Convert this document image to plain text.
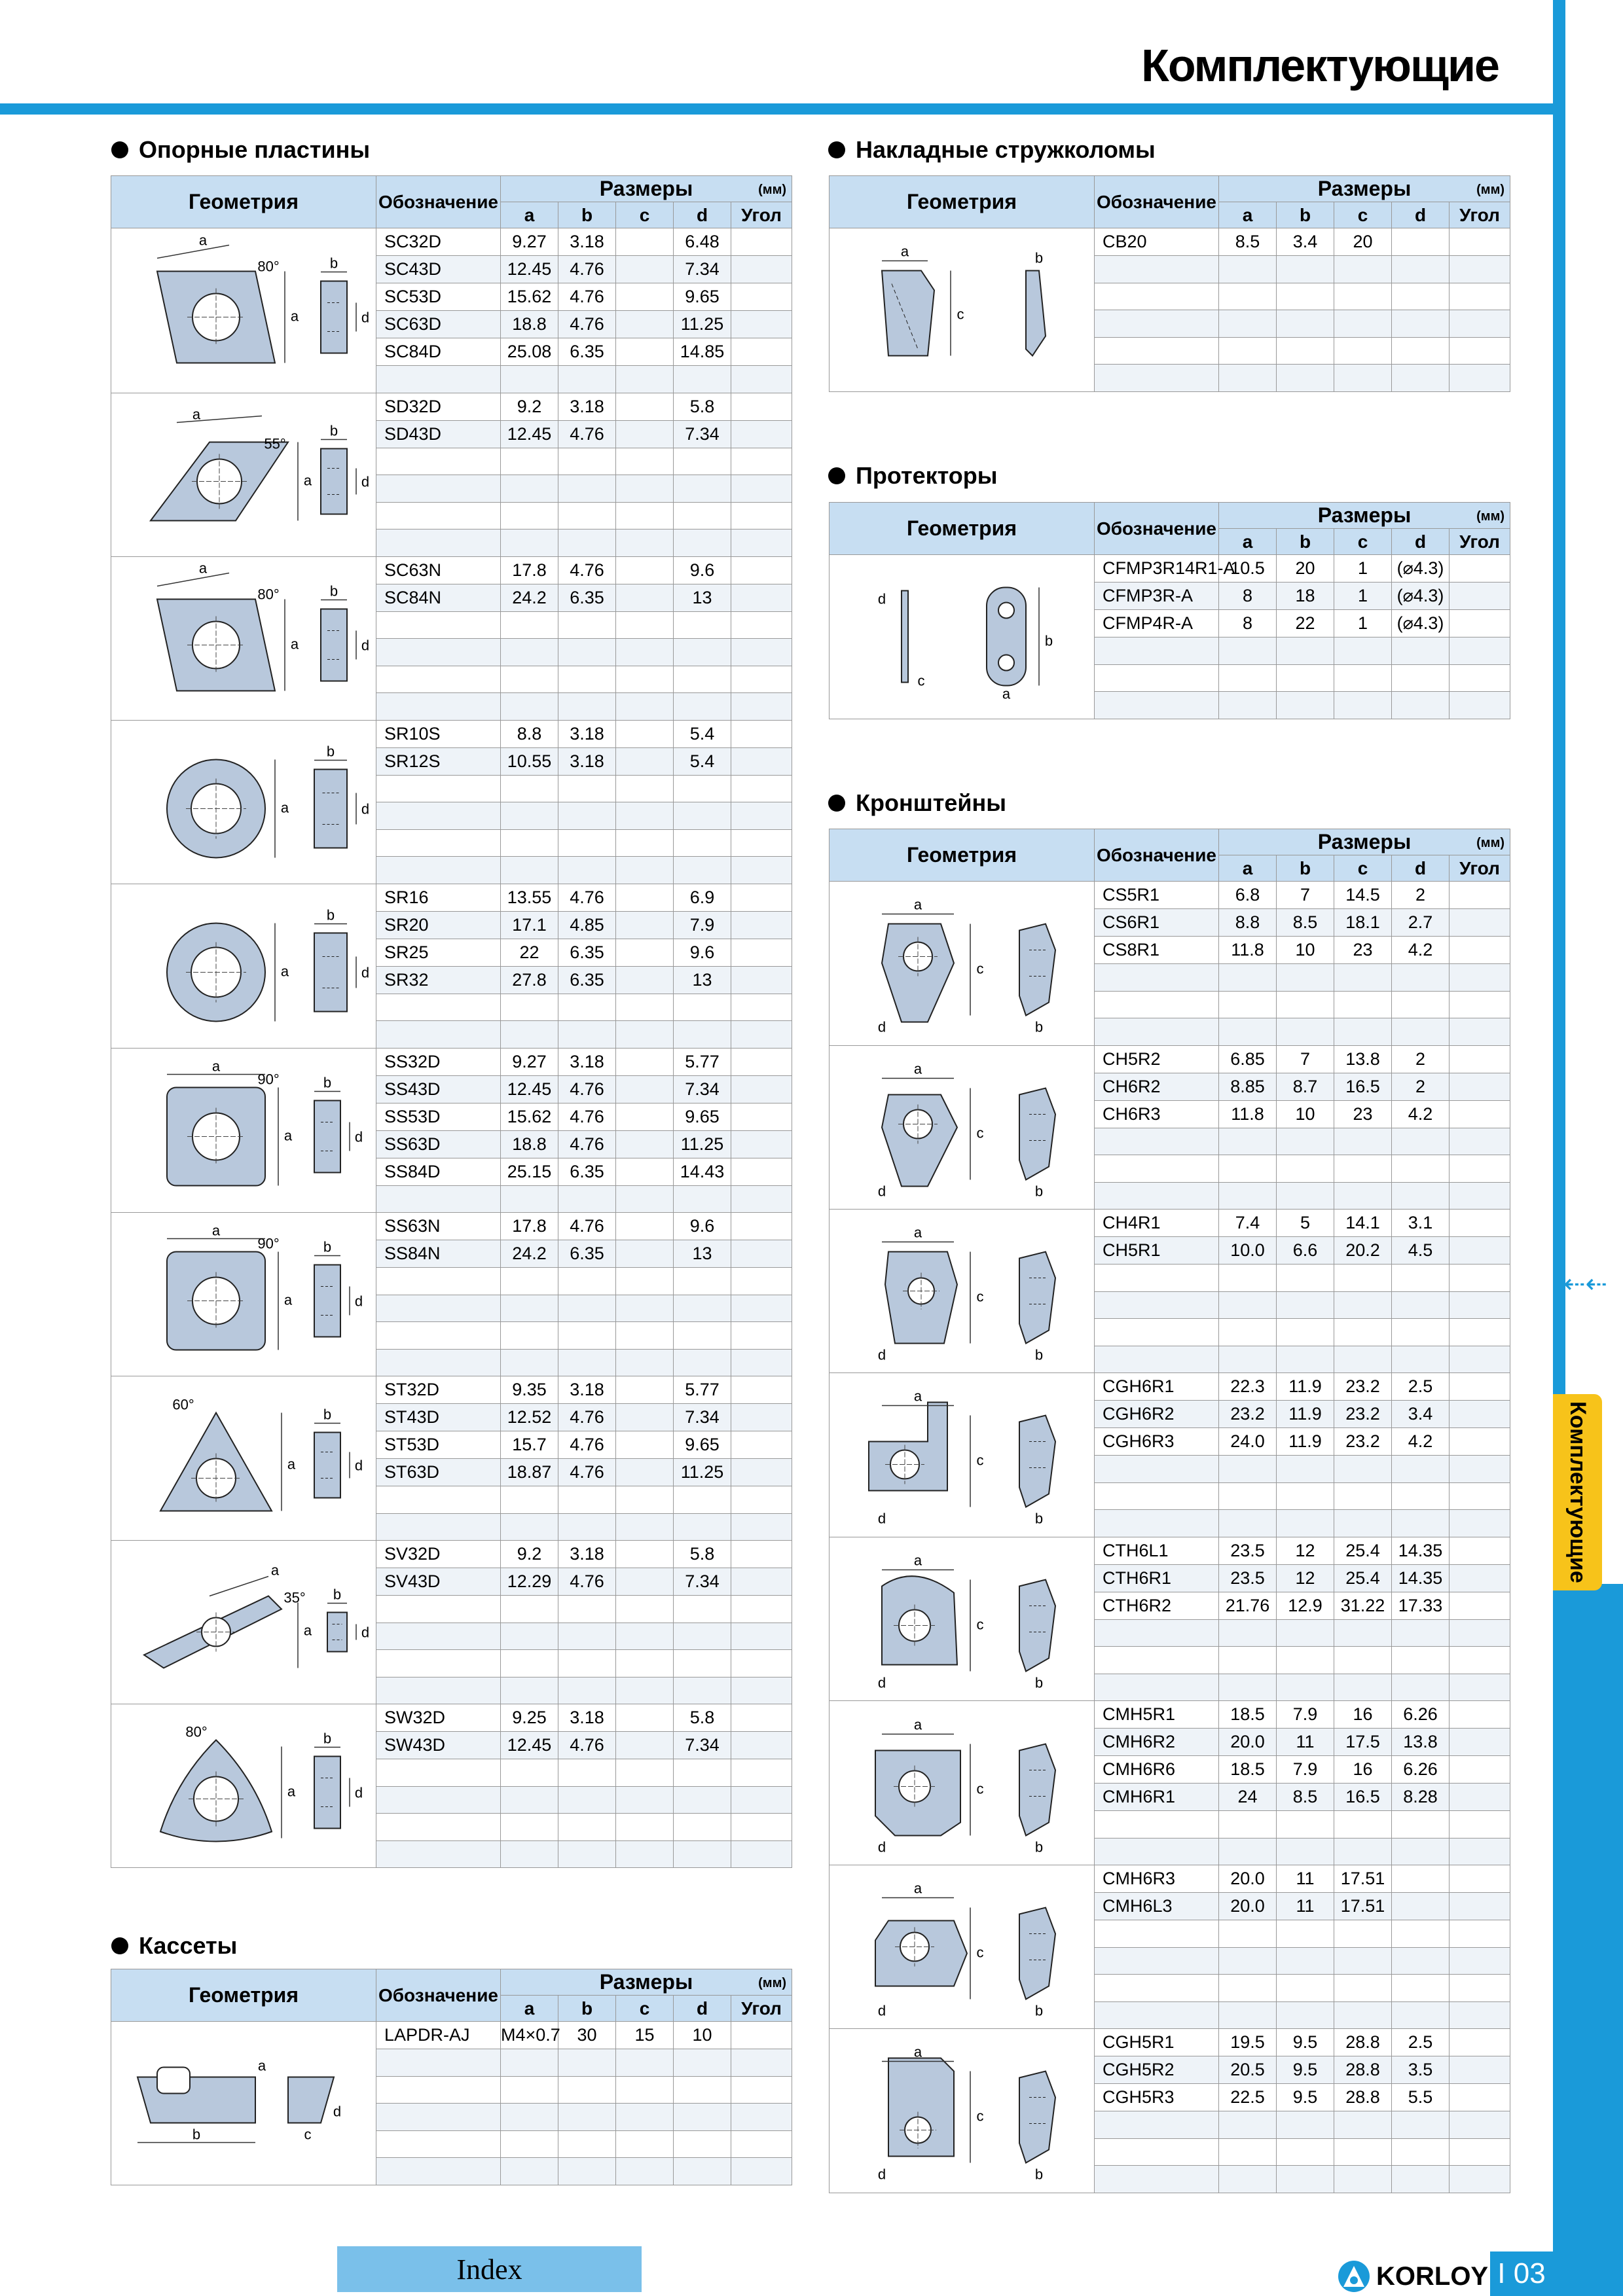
Комплектующие
⇠⇠
Комплектующие
Опорные пластины	Накладные стружколомы
Протекторы
Кронштейны
Кассеты
Геометрия	Обозначение	Размеры (мм)				

		a	b	c	d	Угол

a
80°
a
b
d	SC32D	9.27	3.18		6.48	
	SC43D	12.45	4.76		7.34	
	SC53D	15.62	4.76		9.65	
	SC63D	18.8	4.76		11.25	
	SC84D	25.08	6.35		14.85	

a
55°
a
b
d	SD32D	9.2	3.18		5.8	
	SD43D	12.45	4.76		7.34	

a
80°
a
b
d	SC63N	17.8	4.76		9.6	
	SC84N	24.2	6.35		13	

a
b
d	SR10S	8.8	3.18		5.4	
	SR12S	10.55	3.18		5.4	

a
b
d	SR16	13.55	4.76		6.9	
	SR20	17.1	4.85		7.9	
	SR25	22	6.35		9.6	
	SR32	27.8	6.35		13	

a
90°
a
b
d	SS32D	9.27	3.18		5.77	
	SS43D	12.45	4.76		7.34	
	SS53D	15.62	4.76		9.65	
	SS63D	18.8	4.76		11.25	
	SS84D	25.15	6.35		14.43	

a
90°
a
b
d	SS63N	17.8	4.76		9.6	
	SS84N	24.2	6.35		13	

60°
a
b
d	ST32D	9.35	3.18		5.77	
	ST43D	12.52	4.76		7.34	
	ST53D	15.7	4.76		9.65	
	ST63D	18.87	4.76		11.25	

a
35°
a
b
d	SV32D	9.2	3.18		5.8	
	SV43D	12.29	4.76		7.34	

80°
a
b
d	SW32D	9.25	3.18		5.8	
	SW43D	12.45	4.76		7.34	

Геометрия	Обозначение	Размеры (мм)				

		a	b	c	d	Угол

a
b c
d	LAPDR-AJ	M4×0.7	30	15	10	

Геометрия	Обозначение	Размеры (мм)				

		a	b	c	d	Угол

a
c
b	CB20	8.5	3.4	20		

Геометрия	Обозначение	Размеры (мм)				

		a	b	c	d	Угол

d
c
b
a	CFMP3R14R1-A	10.5	20	1	(⌀4.3)	
	CFMP3R-A	8	18	1	(⌀4.3)	
	CFMP4R-A	8	22	1	(⌀4.3)	

Геометрия	Обозначение	Размеры (мм)				

		a	b	c	d	Угол

a
c
d b	CS5R1	6.8	7	14.5	2	
	CS6R1	8.8	8.5	18.1	2.7	
	CS8R1	11.8	10	23	4.2	

a
c
d b	CH5R2	6.85	7	13.8	2	
	CH6R2	8.85	8.7	16.5	2	
	CH6R3	11.8	10	23	4.2	

a
c
d b	CH4R1	7.4	5	14.1	3.1	
	CH5R1	10.0	6.6	20.2	4.5	

a
c
d b	CGH6R1	22.3	11.9	23.2	2.5	
	CGH6R2	23.2	11.9	23.2	3.4	
	CGH6R3	24.0	11.9	23.2	4.2	

a
c
d b	CTH6L1	23.5	12	25.4	14.35	
	CTH6R1	23.5	12	25.4	14.35	
	CTH6R2	21.76	12.9	31.22	17.33	

a
c
d b	CMH5R1	18.5	7.9	16	6.26	
	CMH6R2	20.0	11	17.5	13.8	
	CMH6R6	18.5	7.9	16	6.26	
	CMH6R1	24	8.5	16.5	8.28	

a
c
d b	CMH6R3	20.0	11	17.51		
	CMH6L3	20.0	11	17.51		

a
c
d b	CGH5R1	19.5	9.5	28.8	2.5	
	CGH5R2	20.5	9.5	28.8	3.5	
	CGH5R3	22.5	9.5	28.8	5.5	

Index	KORLOY I 03
